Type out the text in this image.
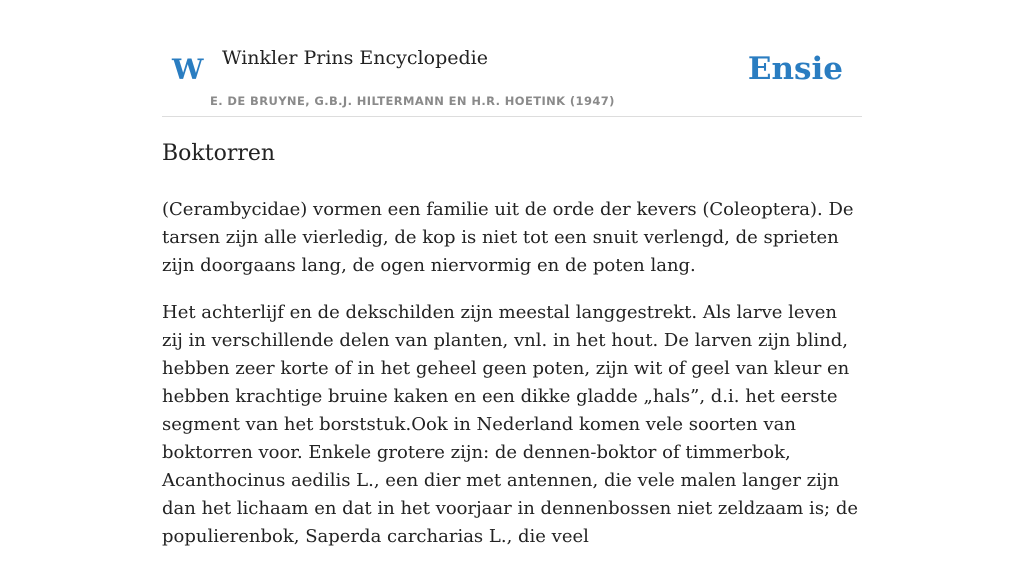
W Winkler Prins Encyclopedie
E. DE BRUYNE, G.B.J. HILTERMANN EN H.R. HOETINK (1947)
Ensie
Boktorren

(Cerambycidae) vormen een familie uit de orde der kevers (Coleoptera). De tarsen zijn alle vierledig, de kop is niet tot een snuit verlengd, de sprieten zijn doorgaans lang, de ogen niervormig en de poten lang.

Het achterlijf en de dekschilden zijn meestal langgestrekt. Als larve leven zij in verschillende delen van planten, vnl. in het hout. De larven zijn blind, hebben zeer korte of in het geheel geen poten, zijn wit of geel van kleur en hebben krachtige bruine kaken en een dikke gladde „hals”, d.i. het eerste segment van het borststuk.Ook in Nederland komen vele soorten van boktorren voor. Enkele grotere zijn: de dennen-boktor of timmerbok, Acanthocinus aedilis L., een dier met antennen, die vele malen langer zijn dan het lichaam en dat in het voorjaar in dennenbossen niet zeldzaam is; de populierenbok, Saperda carcharias L., die veel
